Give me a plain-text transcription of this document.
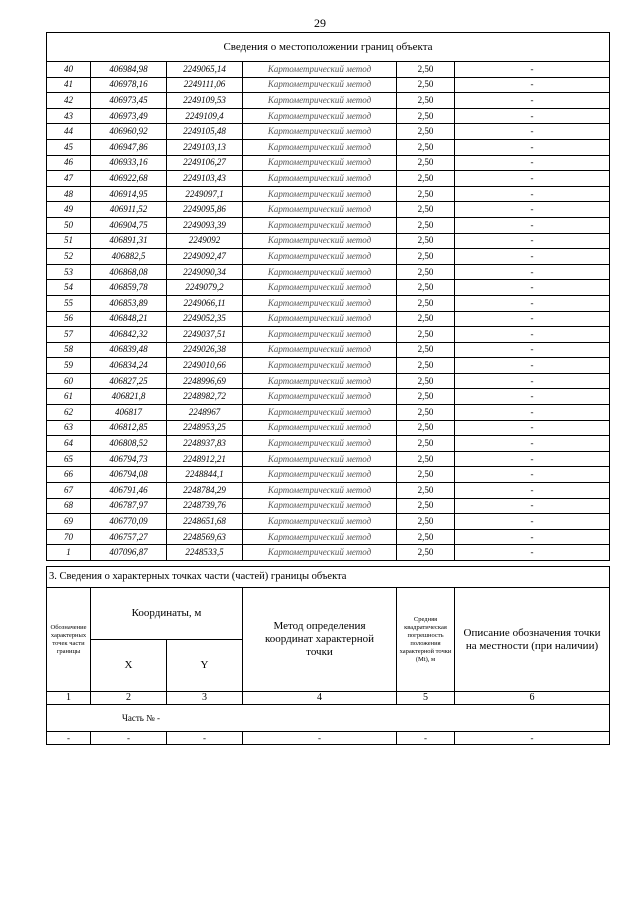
29
Сведения о местоположении границ объекта					
40	406984,98	2249065,14	Картометрический метод	2,50	-
41	406978,16	2249111,06	Картометрический метод	2,50	-
42	406973,45	2249109,53	Картометрический метод	2,50	-
43	406973,49	2249109,4	Картометрический метод	2,50	-
44	406960,92	2249105,48	Картометрический метод	2,50	-
45	406947,86	2249103,13	Картометрический метод	2,50	-
46	406933,16	2249106,27	Картометрический метод	2,50	-
47	406922,68	2249103,43	Картометрический метод	2,50	-
48	406914,95	2249097,1	Картометрический метод	2,50	-
49	406911,52	2249095,86	Картометрический метод	2,50	-
50	406904,75	2249093,39	Картометрический метод	2,50	-
51	406891,31	2249092	Картометрический метод	2,50	-
52	406882,5	2249092,47	Картометрический метод	2,50	-
53	406868,08	2249090,34	Картометрический метод	2,50	-
54	406859,78	2249079,2	Картометрический метод	2,50	-
55	406853,89	2249066,11	Картометрический метод	2,50	-
56	406848,21	2249052,35	Картометрический метод	2,50	-
57	406842,32	2249037,51	Картометрический метод	2,50	-
58	406839,48	2249026,38	Картометрический метод	2,50	-
59	406834,24	2249010,66	Картометрический метод	2,50	-
60	406827,25	2248996,69	Картометрический метод	2,50	-
61	406821,8	2248982,72	Картометрический метод	2,50	-
62	406817	2248967	Картометрический метод	2,50	-
63	406812,85	2248953,25	Картометрический метод	2,50	-
64	406808,52	2248937,83	Картометрический метод	2,50	-
65	406794,73	2248912,21	Картометрический метод	2,50	-
66	406794,08	2248844,1	Картометрический метод	2,50	-
67	406791,46	2248784,29	Картометрический метод	2,50	-
68	406787,97	2248739,76	Картометрический метод	2,50	-
69	406770,09	2248651,68	Картометрический метод	2,50	-
70	406757,27	2248569,63	Картометрический метод	2,50	-
1	407096,87	2248533,5	Картометрический метод	2,50	-
3. Сведения о характерных точках части (частей) границы объекта					
Обозначение характерных точек части границы	Координаты, м		Метод определения координат характерной точки	Средняя квадратическая погрешность положения характерной точки (Мt), м	Описание обозначения точки на местности (при наличии)
	X	Y			
1	2	3	4	5	6
Часть № -					
-	-	-	-	-	-
